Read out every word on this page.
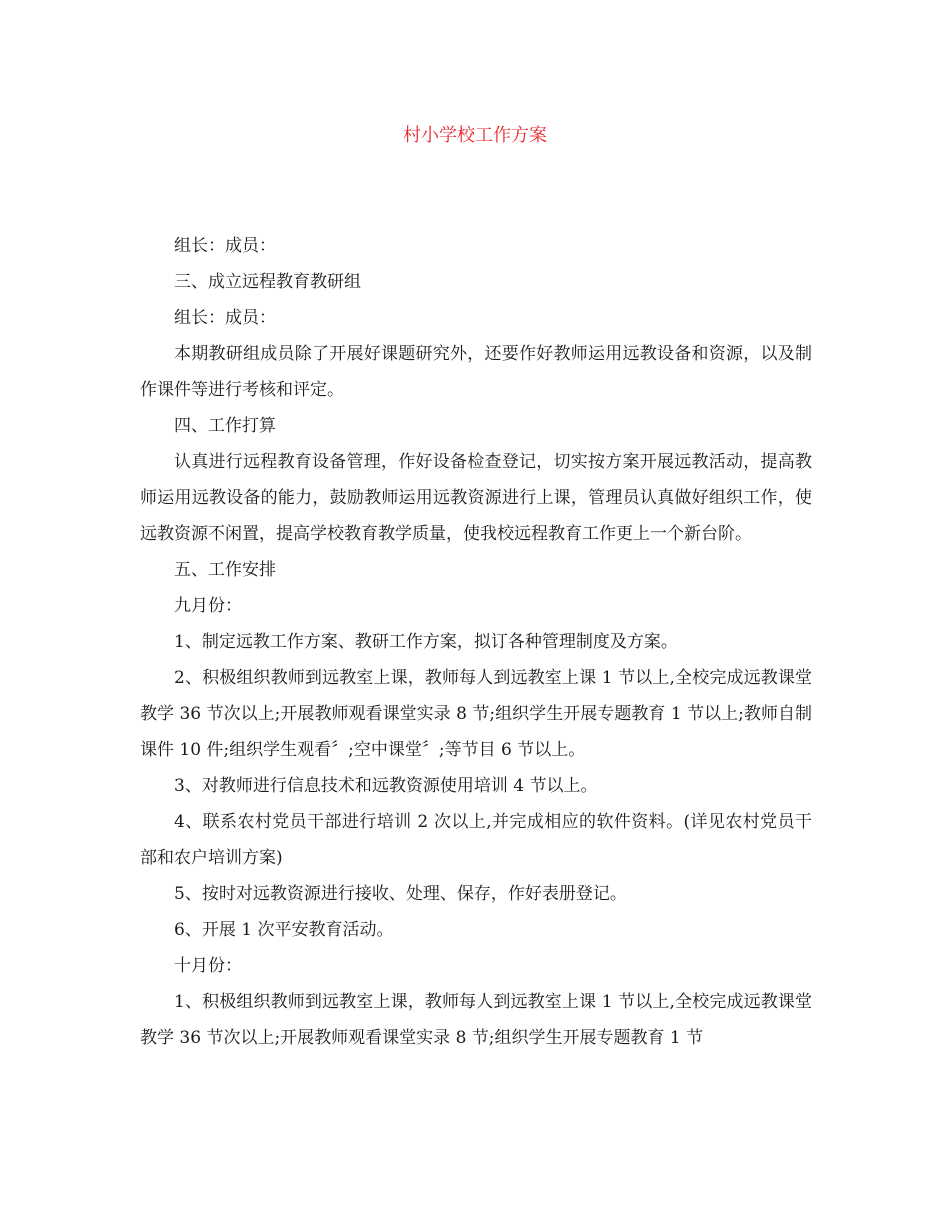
村小学校工作方案

组长：成员：

三、成立远程教育教研组

组长：成员：

本期教研组成员除了开展好课题研究外，还要作好教师运用远教设备和资源，以及制作课件等进行考核和评定。

四、工作打算

认真进行远程教育设备管理，作好设备检查登记，切实按方案开展远教活动，提高教师运用远教设备的能力，鼓励教师运用远教资源进行上课，管理员认真做好组织工作，使远教资源不闲置，提高学校教育教学质量，使我校远程教育工作更上一个新台阶。

五、工作安排

九月份：

1、制定远教工作方案、教研工作方案，拟订各种管理制度及方案。

2、积极组织教师到远教室上课，教师每人到远教室上课 1 节以上,全校完成远教课堂教学 36 节次以上;开展教师观看课堂实录 8 节;组织学生开展专题教育 1 节以上;教师自制课件 10 件;组织学生观看〞;空中课堂〞;等节目 6 节以上。

3、对教师进行信息技术和远教资源使用培训 4 节以上。

4、联系农村党员干部进行培训 2 次以上,并完成相应的软件资料。(详见农村党员干部和农户培训方案)

5、按时对远教资源进行接收、处理、保存，作好表册登记。

6、开展 1 次平安教育活动。

十月份：

1、积极组织教师到远教室上课，教师每人到远教室上课 1 节以上,全校完成远教课堂教学 36 节次以上;开展教师观看课堂实录 8 节;组织学生开展专题教育 1 节
